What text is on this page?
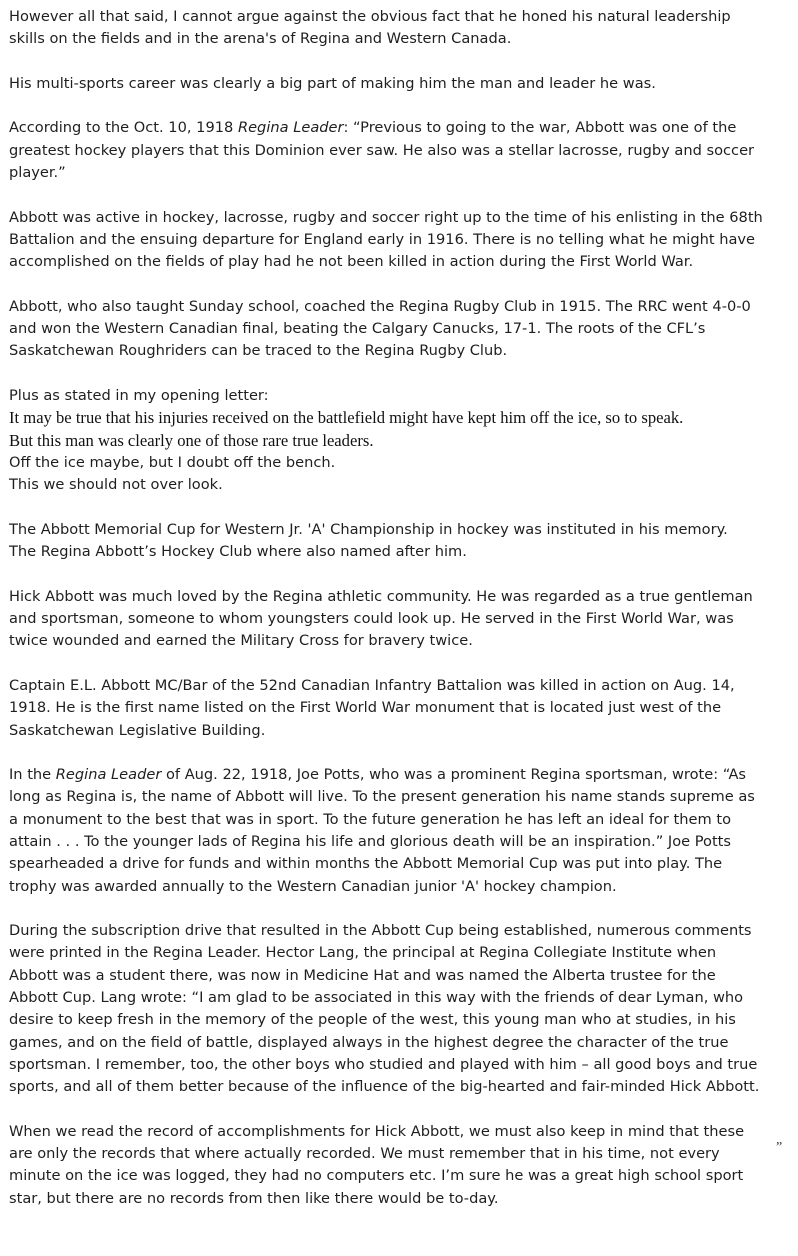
However all that said, I cannot argue against the obvious fact that he honed his natural leadership
skills on the fields and in the arena's of Regina and Western Canada.
His multi-sports career was clearly a big part of making him the man and leader he was.
According to the Oct. 10, 1918 Regina Leader: “Previous to going to the war, Abbott was one of the
greatest hockey players that this Dominion ever saw. He also was a stellar lacrosse, rugby and soccer
player.”
Abbott was active in hockey, lacrosse, rugby and soccer right up to the time of his enlisting in the 68th
Battalion and the ensuing departure for England early in 1916. There is no telling what he might have
accomplished on the fields of play had he not been killed in action during the First World War.
Abbott, who also taught Sunday school, coached the Regina Rugby Club in 1915. The RRC went 4-0-0
and won the Western Canadian final, beating the Calgary Canucks, 17-1. The roots of the CFL’s
Saskatchewan Roughriders can be traced to the Regina Rugby Club.
Plus as stated in my opening letter:
It may be true that his injuries received on the battlefield might have kept him off the ice, so to speak.
But this man was clearly one of those rare true leaders.
Off the ice maybe, but I doubt off the bench.
This we should not over look.
The Abbott Memorial Cup for Western Jr. 'A' Championship in hockey was instituted in his memory.
The Regina Abbott’s Hockey Club where also named after him.
Hick Abbott was much loved by the Regina athletic community. He was regarded as a true gentleman
and sportsman, someone to whom youngsters could look up. He served in the First World War, was
twice wounded and earned the Military Cross for bravery twice.
Captain E.L. Abbott MC/Bar of the 52nd Canadian Infantry Battalion was killed in action on Aug. 14,
1918. He is the first name listed on the First World War monument that is located just west of the
Saskatchewan Legislative Building.
In the Regina Leader of Aug. 22, 1918, Joe Potts, who was a prominent Regina sportsman, wrote: “As
long as Regina is, the name of Abbott will live. To the present generation his name stands supreme as
a monument to the best that was in sport. To the future generation he has left an ideal for them to
attain . . . To the younger lads of Regina his life and glorious death will be an inspiration.” Joe Potts
spearheaded a drive for funds and within months the Abbott Memorial Cup was put into play. The
trophy was awarded annually to the Western Canadian junior 'A' hockey champion.
During the subscription drive that resulted in the Abbott Cup being established, numerous comments
were printed in the Regina Leader. Hector Lang, the principal at Regina Collegiate Institute when
Abbott was a student there, was now in Medicine Hat and was named the Alberta trustee for the
Abbott Cup. Lang wrote: “I am glad to be associated in this way with the friends of dear Lyman, who
desire to keep fresh in the memory of the people of the west, this young man who at studies, in his
games, and on the field of battle, displayed always in the highest degree the character of the true
sportsman. I remember, too, the other boys who studied and played with him – all good boys and true
sports, and all of them better because of the influence of the big-hearted and fair-minded Hick Abbott.
When we read the record of accomplishments for Hick Abbott, we must also keep in mind that these
are only the records that where actually recorded. We must remember that in his time, not every
minute on the ice was logged, they had no computers etc. I’m sure he was a great high school sport
star, but there are no records from then like there would be to-day.
”
